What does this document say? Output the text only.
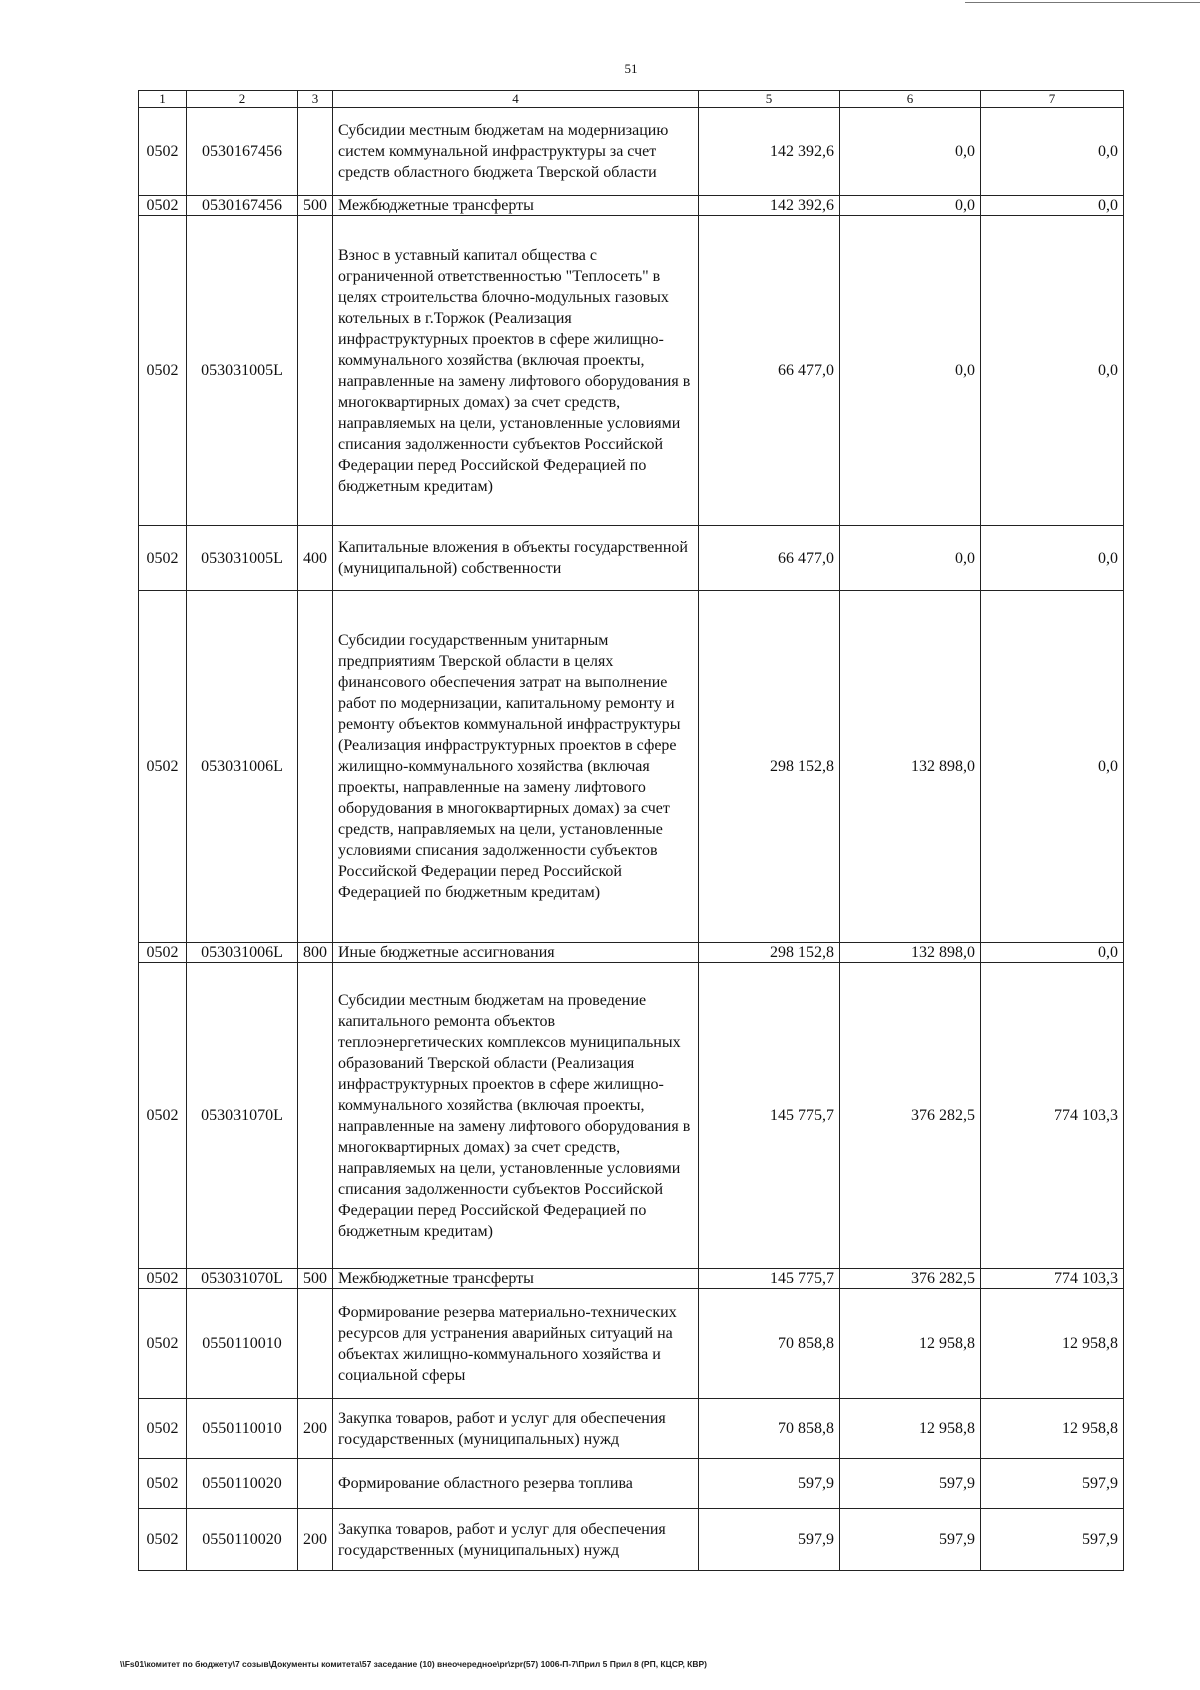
51
1	2	3	4	5	6	7
0502	0530167456		Субсидии местным бюджетам на модернизацию систем коммунальной инфраструктуры за счет средств областного бюджета Тверской области	142 392,6	0,0	0,0
0502	0530167456	500	Межбюджетные трансферты	142 392,6	0,0	0,0
0502	053031005L		Взнос в уставный капитал общества с ограниченной ответственностью "Теплосеть" в целях строительства блочно-модульных газовых котельных в г.Торжок (Реализация инфраструктурных проектов в сфере жилищно-коммунального хозяйства (включая проекты, направленные на замену лифтового оборудования в многоквартирных домах) за счет средств, направляемых на цели, установленные условиями списания задолженности субъектов Российской Федерации перед Российской Федерацией по бюджетным кредитам)	66 477,0	0,0	0,0
0502	053031005L	400	Капитальные вложения в объекты государственной (муниципальной) собственности	66 477,0	0,0	0,0
0502	053031006L		Субсидии государственным унитарным предприятиям Тверской области в целях финансового обеспечения затрат на выполнение работ по модернизации, капитальному ремонту и ремонту объектов коммунальной инфраструктуры (Реализация инфраструктурных проектов в сфере жилищно-коммунального хозяйства (включая проекты, направленные на замену лифтового оборудования в многоквартирных домах) за счет средств, направляемых на цели, установленные условиями списания задолженности субъектов Российской Федерации перед Российской Федерацией по бюджетным кредитам)	298 152,8	132 898,0	0,0
0502	053031006L	800	Иные бюджетные ассигнования	298 152,8	132 898,0	0,0
0502	053031070L		Субсидии местным бюджетам на проведение капитального ремонта объектов теплоэнергетических комплексов муниципальных образований Тверской области (Реализация инфраструктурных проектов в сфере жилищно-коммунального хозяйства (включая проекты, направленные на замену лифтового оборудования в многоквартирных домах) за счет средств, направляемых на цели, установленные условиями списания задолженности субъектов Российской Федерации перед Российской Федерацией по бюджетным кредитам)	145 775,7	376 282,5	774 103,3
0502	053031070L	500	Межбюджетные трансферты	145 775,7	376 282,5	774 103,3
0502	0550110010		Формирование резерва материально-технических ресурсов для устранения аварийных ситуаций на объектах жилищно-коммунального хозяйства и социальной сферы	70 858,8	12 958,8	12 958,8
0502	0550110010	200	Закупка товаров, работ и услуг для обеспечения государственных (муниципальных) нужд	70 858,8	12 958,8	12 958,8
0502	0550110020		Формирование областного резерва топлива	597,9	597,9	597,9
0502	0550110020	200	Закупка товаров, работ и услуг для обеспечения государственных (муниципальных) нужд	597,9	597,9	597,9
\\Fs01\комитет по бюджету\7 созыв\Документы комитета\57 заседание (10) внеочередное\pr\zpr(57) 1006-П-7\Прил 5 Прил 8 (РП, КЦСР, КВР)
